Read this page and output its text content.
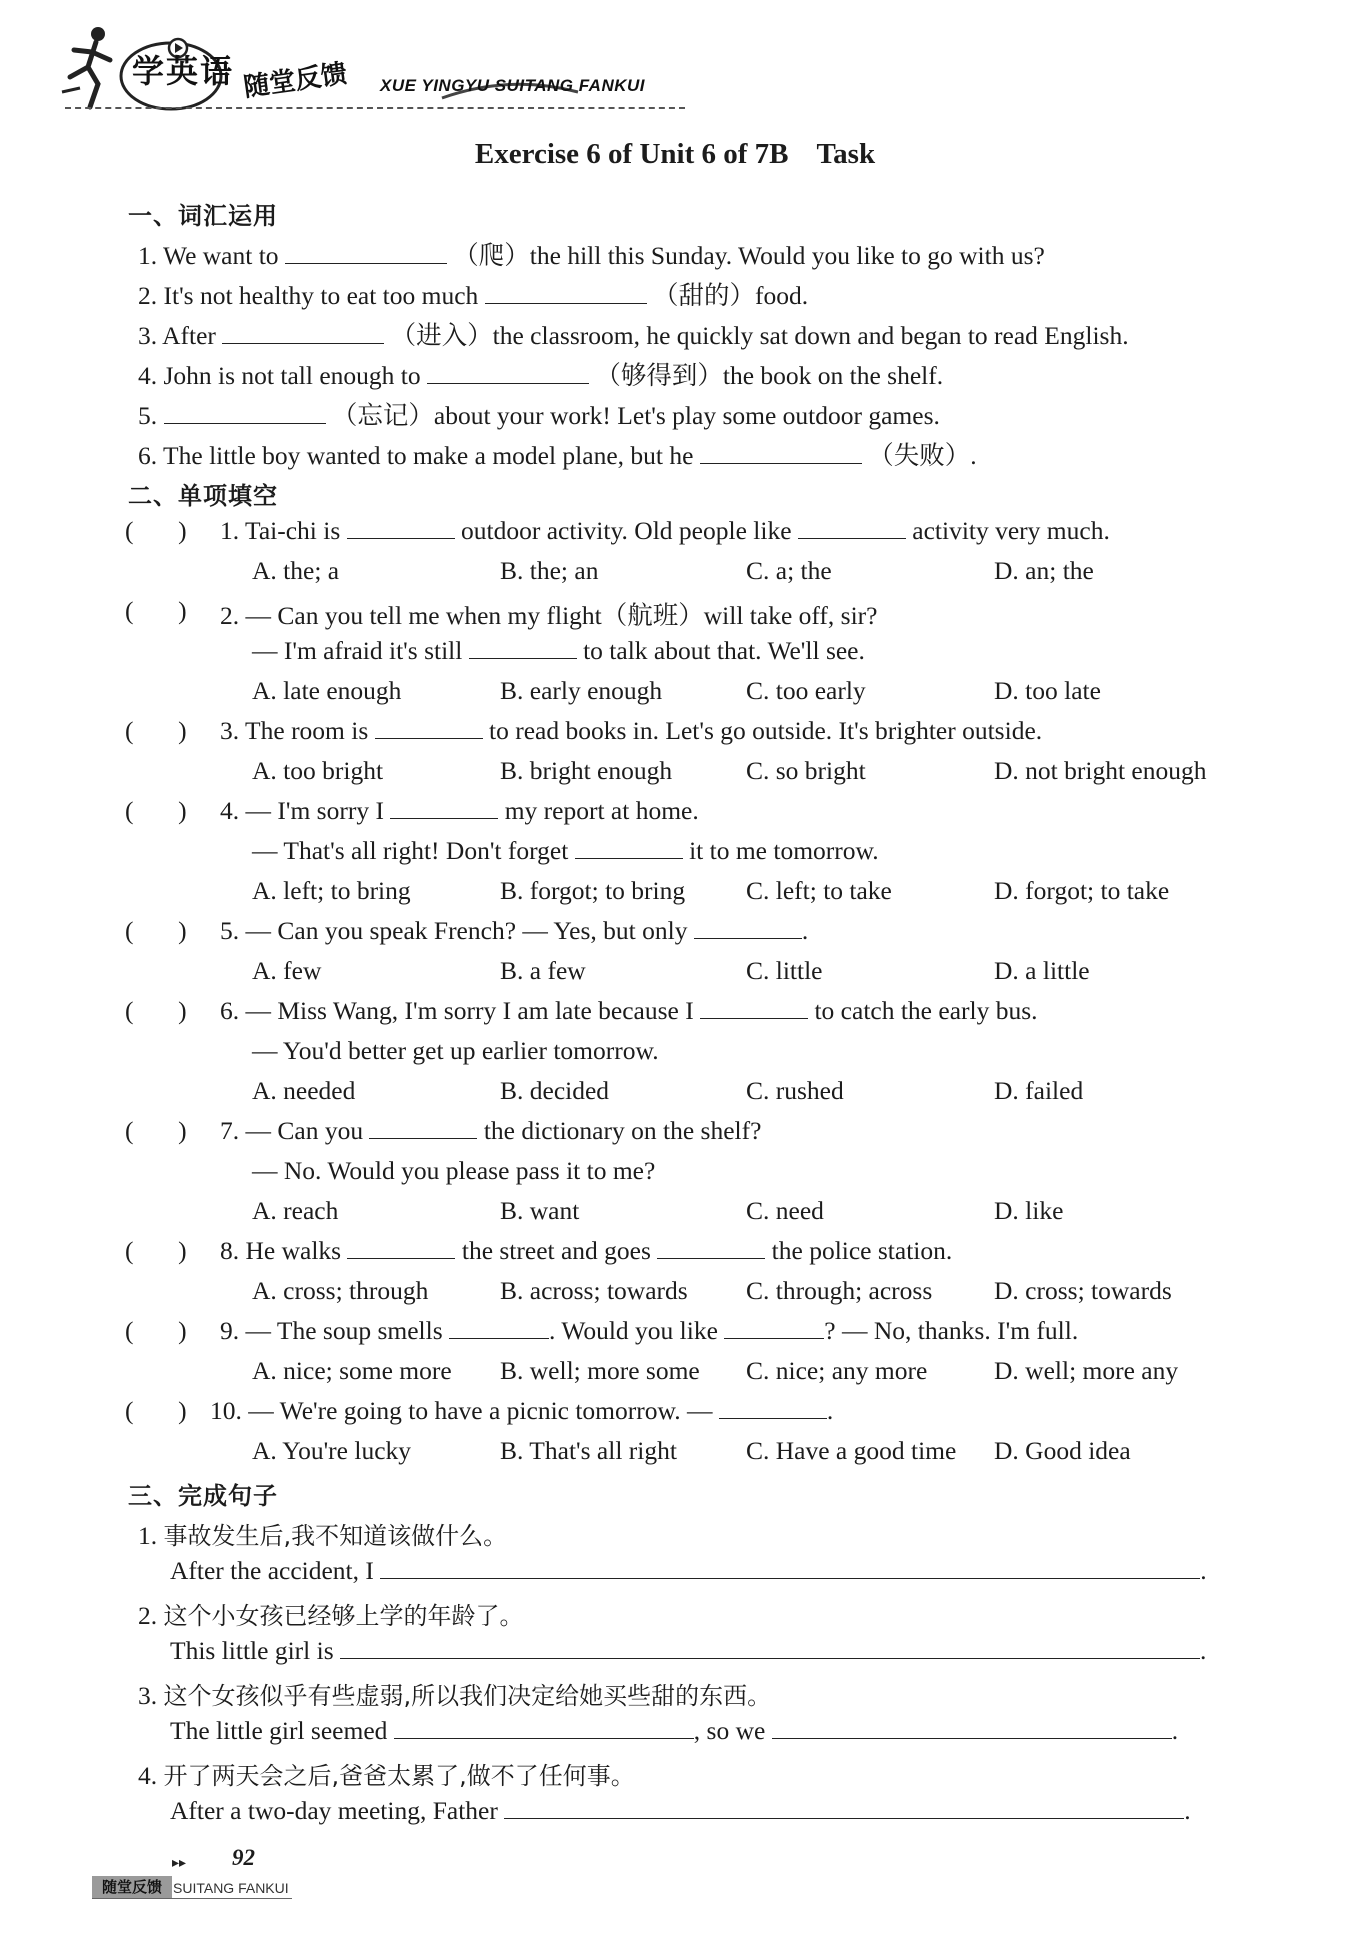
学英语 随堂反馈 XUE YINGYU SUITANG FANKUI
Exercise 6 of Unit 6 of 7B Task
一、词汇运用
1. We want to	（爬）the hill this Sunday. Would you like to go with us?
2. It's not healthy to eat too much	（甜的）food.
3. After	（进入）the classroom, he quickly sat down and began to read English.
4. John is not tall enough to	（够得到）the book on the shelf.
5.	（忘记）about your work! Let's play some outdoor games.
6. The little boy wanted to make a model plane, but he	（失败）.
二、单项填空
(       ) 1. Tai-chi is	outdoor activity. Old people like	activity very much.
A. the; a	B. the; an	C. a; the	D. an; the
(       ) 2. — Can you tell me when my flight（航班）will take off, sir?
— I'm afraid it's still	to talk about that. We'll see.
A. late enough	B. early enough	C. too early	D. too late
(       ) 3. The room is	to read books in. Let's go outside. It's brighter outside.
A. too bright	B. bright enough	C. so bright	D. not bright enough
(       ) 4. — I'm sorry I	my report at home.
— That's all right! Don't forget	it to me tomorrow.
A. left; to bring	B. forgot; to bring C. left; to take	D. forgot; to take
(       ) 5. — Can you speak French? — Yes, but only	.
A. few	B. a few	C. little	D. a little
(       ) 6. — Miss Wang, I'm sorry I am late because I	to catch the early bus.
— You'd better get up earlier tomorrow.
A. needed	B. decided	C. rushed	D. failed
(       ) 7. — Can you	the dictionary on the shelf?
— No. Would you please pass it to me?
A. reach	B. want	C. need	D. like
(       ) 8. He walks	the street and goes	the police station.
A. cross; through	B. across; towards C. through; across D. cross; towards
(       ) 9. — The soup smells	. Would you like	? — No, thanks. I'm full.
A. nice; some more B. well; more some C. nice; any more	D. well; more any
(       ) 10. — We're going to have a picnic tomorrow. —	.
A. You're lucky	B. That's all right	C. Have a good time D. Good idea
三、完成句子
1. 事故发生后,我不知道该做什么。
After the accident, I	.
2. 这个小女孩已经够上学的年龄了。
This little girl is	.
3. 这个女孩似乎有些虚弱,所以我们决定给她买些甜的东西。
The little girl seemed	, so we	.
4. 开了两天会之后,爸爸太累了,做不了任何事。
After a two-day meeting, Father	.
▸▸ 92
随堂反馈 SUITANG FANKUI
